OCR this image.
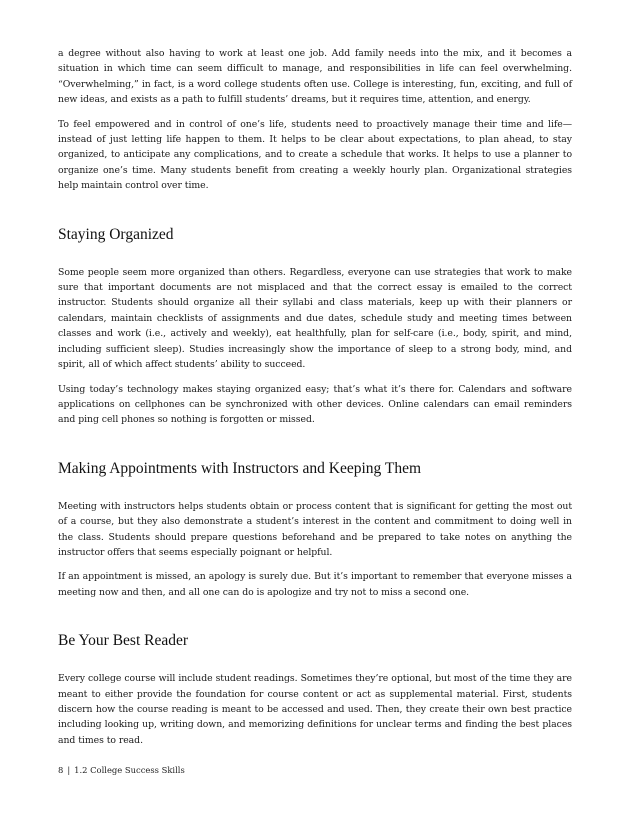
a degree without also having to work at least one job. Add family needs into the mix, and it becomes a situation in which time can seem difficult to manage, and responsibilities in life can feel overwhelming. “Overwhelming,” in fact, is a word college students often use. College is interesting, fun, exciting, and full of new ideas, and exists as a path to fulfill students’ dreams, but it requires time, attention, and energy.

To feel empowered and in control of one’s life, students need to proactively manage their time and life—instead of just letting life happen to them. It helps to be clear about expectations, to plan ahead, to stay organized, to anticipate any complications, and to create a schedule that works. It helps to use a planner to organize one’s time. Many students benefit from creating a weekly hourly plan. Organizational strategies help maintain control over time.

Staying Organized

Some people seem more organized than others. Regardless, everyone can use strategies that work to make sure that important documents are not misplaced and that the correct essay is emailed to the correct instructor. Students should organize all their syllabi and class materials, keep up with their planners or calendars, maintain checklists of assignments and due dates, schedule study and meeting times between classes and work (i.e., actively and weekly), eat healthfully, plan for self-care (i.e., body, spirit, and mind, including sufficient sleep). Studies increasingly show the importance of sleep to a strong body, mind, and spirit, all of which affect students’ ability to succeed.

Using today’s technology makes staying organized easy; that’s what it’s there for. Calendars and software applications on cellphones can be synchronized with other devices. Online calendars can email reminders and ping cell phones so nothing is forgotten or missed.

Making Appointments with Instructors and Keeping Them

Meeting with instructors helps students obtain or process content that is significant for getting the most out of a course, but they also demonstrate a student’s interest in the content and commitment to doing well in the class. Students should prepare questions beforehand and be prepared to take notes on anything the instructor offers that seems especially poignant or helpful.

If an appointment is missed, an apology is surely due. But it’s important to remember that everyone misses a meeting now and then, and all one can do is apologize and try not to miss a second one.

Be Your Best Reader

Every college course will include student readings. Sometimes they’re optional, but most of the time they are meant to either provide the foundation for course content or act as supplemental material. First, students discern how the course reading is meant to be accessed and used. Then, they create their own best practice including looking up, writing down, and memorizing definitions for unclear terms and finding the best places and times to read.

8 | 1.2 College Success Skills
